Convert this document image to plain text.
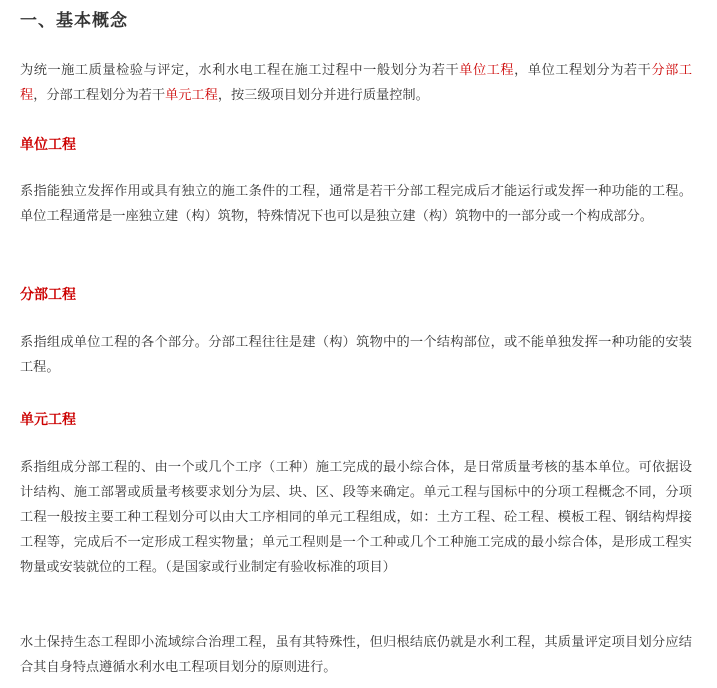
一、基本概念

为统一施工质量检验与评定，水利水电工程在施工过程中一般划分为若干单位工程，单位工程划分为若干分部工程，分部工程划分为若干单元工程，按三级项目划分并进行质量控制。

单位工程

系指能独立发挥作用或具有独立的施工条件的工程，通常是若干分部工程完成后才能运行或发挥一种功能的工程。单位工程通常是一座独立建（构）筑物，特殊情况下也可以是独立建（构）筑物中的一部分或一个构成部分。

分部工程

系指组成单位工程的各个部分。分部工程往往是建（构）筑物中的一个结构部位，或不能单独发挥一种功能的安装工程。

单元工程

系指组成分部工程的、由一个或几个工序（工种）施工完成的最小综合体，是日常质量考核的基本单位。可依据设计结构、施工部署或质量考核要求划分为层、块、区、段等来确定。单元工程与国标中的分项工程概念不同，分项工程一般按主要工种工程划分可以由大工序相同的单元工程组成，如：土方工程、砼工程、模板工程、钢结构焊接工程等，完成后不一定形成工程实物量；单元工程则是一个工种或几个工种施工完成的最小综合体，是形成工程实物量或安装就位的工程。（是国家或行业制定有验收标准的项目）

水土保持生态工程即小流域综合治理工程，虽有其特殊性，但归根结底仍就是水利工程，其质量评定项目划分应结合其自身特点遵循水利水电工程项目划分的原则进行。
